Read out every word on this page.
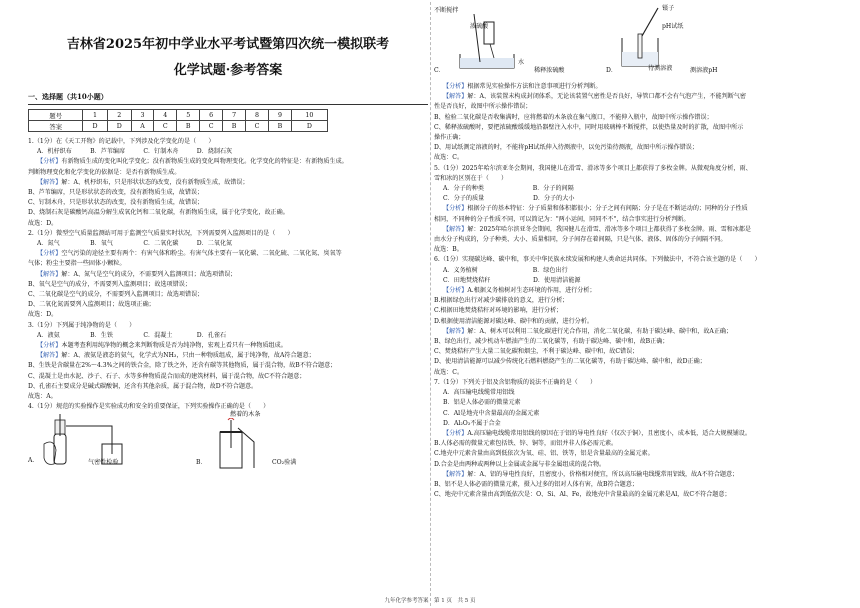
吉林省2025年初中学业水平考试暨第四次统一模拟联考
化学试题·参考答案
一、选择题（共10小题）
题号	1	2	3	4	5	6	7	8	9	10
答案	D	D	A	C	B	C	B	C	B	D
1.（1分）在《天工开物》的记载中，下列涉及化学变化的是（　　）
A．机杼织布　　　B．芦苇编席　　　C．钉制木舟　　　D．烧制石灰
【分析】有新物质生成的变化叫化学变化；没有新物质生成的变化叫物理变化。化学变化的特征是：有新物质生成。
判断物理变化和化学变化的依据是：是否有新物质生成。
【解答】解：A、机杼织布，只是形状状态的改变，没有新物质生成，故错误；
B、芦苇编席，只是形状状态的改变，没有新物质生成，故错误；
C、钉制木舟，只是形状状态的改变，没有新物质生成，故错误；
D、烧制石灰是碳酸钙高温分解生成氧化钙和二氧化碳，有新物质生成，属于化学变化，故正确。
故选：D。
2.（1分）微型空气质量监测站可用于监测空气质量实时状况，下列需要列入监测项目的是（　　）
A．氮气　　　　　B．氧气　　　　　C．二氧化碳　　　D．二氧化氮
【分析】空气污染的途径主要有两个：有害气体和粉尘。有害气体主要有一氧化碳、二氧化硫、二氧化氮、臭氧等
气体；粉尘主要指一些固体小颗粒。
【解答】解：A、氮气是空气的成分，不需要列入监测项目；故选项错误；
B、氧气是空气的成分，不需要列入监测项目；故选项错误；
C、二氧化碳是空气的成分，不需要列入监测项目；故选项错误；
D、二氧化氮需要列入监测项目；故选项正确；
故选：D。
3.（1分）下列属于纯净物的是（　　）
A．液氨　　　　　B．生铁　　　　　C．混凝土　　　　D．孔雀石
【分析】本题考查利用纯净物的概念来判断物质是否为纯净物，宏观上看只有一种物质组成。
【解答】解：A、液氨是液态的氨气，化学式为NH₃，只由一种物质组成，属于纯净物，故A符合题意；
B、生铁是含碳量在2%～4.3%之间的铁合金，除了铁之外，还含有碳等其他物质，属于混合物，故B不符合题意；
C、混凝土是由水泥、沙子、石子、水等多种物质混合而成的建筑材料，属于混合物，故C不符合题意；
D、孔雀石主要成分是碱式碳酸铜，还含有其他杂质，属于混合物，故D不符合题意。
故选：A。
4.（1分）规范的实验操作是实验成功和安全的重要保证，下列实验操作正确的是（　　）
A．	气密性检验	B．
燃着的木条
CO₂验满
不断搅拌
浓硫酸
水
C．	稀释浓硫酸	D．
镊子
pH试纸
待测溶液	测溶液pH
【分析】根据常见实验操作方法和注意事项进行分析判断。
【解答】解：A、该装置未构成封闭体系，无论该装置气密性是否良好，导管口都不会有气泡产生，不能判断气密
性是否良好，故图中所示操作错误；
B、检验二氧化碳是否收集满时，应将燃着的木条放在集气瓶口，不能伸入瓶中，故图中所示操作错误；
C、稀释浓硫酸时，要把浓硫酸缓缓地沿器壁注入水中，同时用玻璃棒不断搅拌，以使热量及时的扩散，故图中所示
操作正确；
D、用试纸测定溶液的时，不能将pH试纸伸入待测液中，以免污染待测液，故图中所示操作错误；
故选：C。
5.（1分）2025年哈尔滨亚冬会期间，我国健儿在滑雪、滑冰等多个项目上都获得了多枚金牌。从微观角度分析，雨、
雪和冰的区别在于（　　）
A．分子的种类　　　　　　　　B．分子的间隔
C．分子的质量　　　　　　　　D．分子的大小
【分析】根据分子的基本特征：分子质量和体积都很小；分子之间有间隔；分子是在不断运动的；同种的分子性质
相同，不同种的分子性质不同，可以简记为："两小运间，同同不不"，结合事实进行分析判断。
【解答】解：2025年哈尔滨亚冬会期间，我国健儿在滑雪、滑冰等多个项目上都获得了多枚金牌。雨、雪和冰都是
由水分子构成的，分子种类、大小、质量相同，分子间存在着间隔，只是气体、液体、固体的分子间隔不同。
故选：B。
6.（1分）实现碳达峰、碳中和，事关中华民族永续发展和构建人类命运共同体。下列做法中，不符合该主题的是（　　）
A．义务植树　　　　　　　　　B．绿色出行
C．田地焚烧秸秆　　　　　　　D．使用清洁能源
【分析】A.根据义务植树对生态环境的作用，进行分析；
B.根据绿色出行对减少碳排放的意义，进行分析；
C.根据田地焚烧秸秆对环境的影响，进行分析；
D.根据使用清洁能源对碳达峰、碳中和的贡献，进行分析。
【解答】解：A、树木可以利用二氧化碳进行光合作用，消化二氧化碳，有助于碳达峰、碳中和，故A正确；
B、绿色出行，减少机动车燃油产生的二氧化碳等，有助于碳达峰、碳中和，故B正确；
C、焚烧秸秆产生大量二氧化碳和烟尘，不利于碳达峰、碳中和，故C错误；
D、使用清洁能源可以减少传统化石燃料燃烧产生的二氧化碳等，有助于碳达峰、碳中和，故D正确；
故选：C。
7.（1分）下列关于铝及含铝物质的说法不正确的是（　　）
A．高压输电线缆常用铝线
B．铝是人体必需的微量元素
C．Al是地壳中含量最高的金属元素
D．Al₂O₃不属于合金
【分析】A.高压输电线缆常用铝线的原因在于铝的导电性良好（仅次于铜），且密度小，成本低，适合大规模铺设。
B.人体必需的微量元素包括铁、锌、铜等，而铝并非人体必需元素。
C.地壳中元素含量由高到低依次为氧、硅、铝、铁等，铝是含量最高的金属元素。
D.合金是由两种或两种以上金属或金属与非金属组成的混合物。
【解答】解：A、铝的导电性良好，且密度小，价格相对便宜，所以高压输电线缆常用铝线，故A不符合题意；
B、铝不是人体必需的微量元素，摄入过多的铝对人体有害，故B符合题意；
C、地壳中元素含量由高到低依次是：O、Si、Al、Fe，故地壳中含量最高的金属元素是Al，故C不符合题意；
九年化学参考答案　第 1 页　共 5 页
